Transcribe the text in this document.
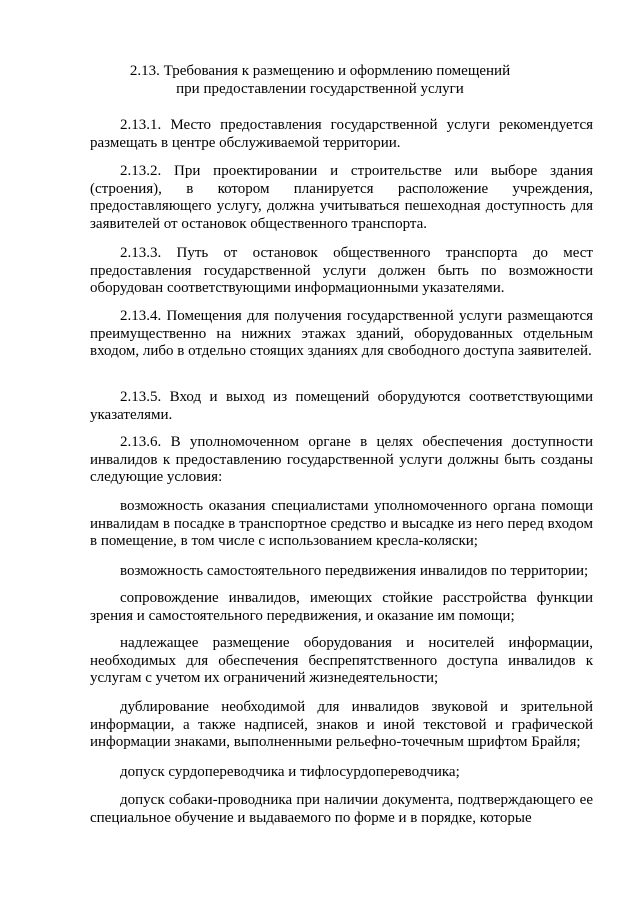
2.13. Требования к размещению и оформлению помещений
при предоставлении государственной услуги

2.13.1. Место предоставления государственной услуги рекомендуется размещать в центре обслуживаемой территории.

2.13.2. При проектировании и строительстве или выборе здания (строения), в котором планируется расположение учреждения, предоставляющего услугу, должна учитываться пешеходная доступность для заявителей от остановок общественного транспорта.

2.13.3. Путь от остановок общественного транспорта до мест предоставления государственной услуги должен быть по возможности оборудован соответствующими информационными указателями.

2.13.4. Помещения для получения государственной услуги размещаются преимущественно на нижних этажах зданий, оборудованных отдельным входом, либо в отдельно стоящих зданиях для свободного доступа заявителей.

2.13.5. Вход и выход из помещений оборудуются соответствующими указателями.

2.13.6. В уполномоченном органе в целях обеспечения доступности инвалидов к предоставлению государственной услуги должны быть созданы следующие условия:

возможность оказания специалистами уполномоченного органа помощи инвалидам в посадке в транспортное средство и высадке из него перед входом в помещение, в том числе с использованием кресла-коляски;

возможность самостоятельного передвижения инвалидов по территории;

сопровождение инвалидов, имеющих стойкие расстройства функции зрения и самостоятельного передвижения, и оказание им помощи;

надлежащее размещение оборудования и носителей информации, необходимых для обеспечения беспрепятственного доступа инвалидов к услугам с учетом их ограничений жизнедеятельности;

дублирование необходимой для инвалидов звуковой и зрительной информации, а также надписей, знаков и иной текстовой и графической информации знаками, выполненными рельефно-точечным шрифтом Брайля;

допуск сурдопереводчика и тифлосурдопереводчика;

допуск собаки-проводника при наличии документа, подтверждающего ее специальное обучение и выдаваемого по форме и в порядке, которые
